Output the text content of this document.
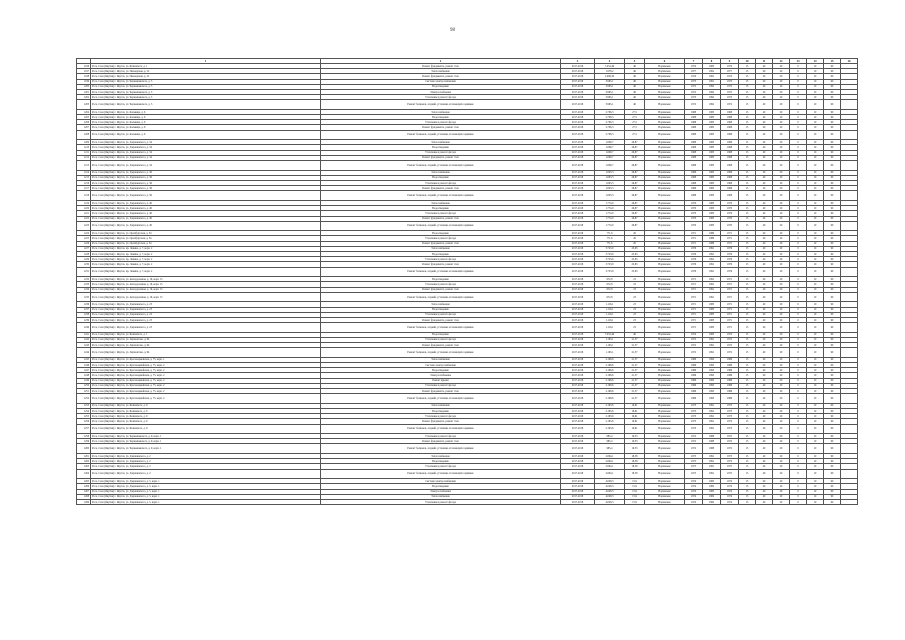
98
	1	2	3	4	5	6	7	8	9	10	11	12	13	14	15	16
1196	Роса, Саха (Якутия) г. Якутск, ул. Белинского, д. 1	Ремонт фундамента, ремонт стен	2017-2018	7.452,49	46	Нормально	1974	1983	1974	15	40	20	0	10	90	
1197	Роса, Саха (Якутия) г. Якутск, ул. Пионерская, д. 22	Теплоснабжение	2017-2018	1.978,2	46	Нормально	1977	1991	1977	15	40	20	0	10	90	
1198	Роса, Саха (Якутия) г. Якутск, ул. Пионерская, д. 22	Ремонт фундамента, ремонт стен	2017-2018	2.499,29	46	Нормально	1974	1991	1974	15	40	20	0	10	90	
1199	Роса, Саха (Якутия) г. Якутск, ул. Чернышевского, д. 5	Система электроснабжения	2017-2018	3.965,1	46	Нормально	1973	1991	1973	15	40	20	0	10	90	
1200	Роса, Саха (Якутия) г. Якутск, ул. Чернышевского, д. 5	Водоотведение	2017-2018	3.965,1	46	Нормально	1972	1992	1972	15	40	20	0	10	90	
1201	Роса, Саха (Якутия) г. Якутск, ул. Чернышевского, д. 5	Электроснабжение	2017-2018	3.965,1	46	Нормально	1972	1992	1972	15	40	20	0	10	90	
1202	Роса, Саха (Якутия) г. Якутск, ул. Чернышевского, д. 5	Утепление и ремонт фасада	2017-2018	3.965,1	46	Нормально	1973	1992	1973	15	40	20	0	10	90	
1203	Роса, Саха (Якутия) г. Якутск, ул. Чернышевского, д. 5	Ремонт балконов, лоджий, установка отсекающих задвижек	2017-2018	3.965,1	46	Нормально	1972	1992	1972	15	40	20	0	10	90	
1204	Роса, Саха (Якутия) г. Якутск, ул. Кальвица, д. 6	Теплоснабжение	2017-2018	2.706,3	27,5	Нормально	1968	1983	1968	15	40	20	0	10	90	
1205	Роса, Саха (Якутия) г. Якутск, ул. Кальвица, д. 6	Водоотведение	2017-2018	2.706,3	27,5	Нормально	1968	1983	1968	15	40	20	0	10	90	
1206	Роса, Саха (Якутия) г. Якутск, ул. Кальвица, д. 6	Утепление и ремонт фасада	2017-2018	2.706,3	27,5	Нормально	1968	1983	1968	15	40	20	0	10	90	
1207	Роса, Саха (Якутия) г. Якутск, ул. Кальвица, д. 6	Ремонт фундамента, ремонт стен	2017-2018	2.706,3	27,5	Нормально	1968	1983	1968	15	40	20	0	10	90	
1208	Роса, Саха (Якутия) г. Якутск, ул. Кальвица, д. 6	Ремонт балконов, лоджий, установка отсекающих задвижек	2017-2018	2.706,3	27,5	Нормально	1968	1983	1968	15	40	20	0	10	90	
1209	Роса, Саха (Якутия) г. Якутск, ул. Дзержинского, д. 34	Теплоснабжение	2017-2018	1.609,7	26,87	Нормально	1968	1983	1968	15	40	20	0	10	90	
1210	Роса, Саха (Якутия) г. Якутск, ул. Дзержинского, д. 34	Водоотведение	2017-2018	1.609,7	26,87	Нормально	1968	1983	1968	15	40	20	0	10	90	
1211	Роса, Саха (Якутия) г. Якутск, ул. Дзержинского, д. 34	Утепление и ремонт фасада	2017-2018	1.609,7	26,87	Нормально	1968	1983	1968	15	40	20	0	10	90	
1212	Роса, Саха (Якутия) г. Якутск, ул. Дзержинского, д. 34	Ремонт фундамента, ремонт стен	2017-2018	1.609,7	26,87	Нормально	1968	1983	1968	15	40	20	0	10	90	
1213	Роса, Саха (Якутия) г. Якутск, ул. Дзержинского, д. 34	Ремонт балконов, лоджий, установка отсекающих задвижек	2017-2018	1.609,7	26,87	Нормально	1968	1983	1968	15	40	20	0	10	90	
1214	Роса, Саха (Якутия) г. Якутск, ул. Дзержинского, д. 36	Теплоснабжение	2017-2018	1.603,3	26,87	Нормально	1968	1983	1968	15	40	20	0	10	90	
1215	Роса, Саха (Якутия) г. Якутск, ул. Дзержинского, д. 36	Водоотведение	2017-2018	1.603,3	26,87	Нормально	1968	1983	1968	15	40	20	0	10	90	
1216	Роса, Саха (Якутия) г. Якутск, ул. Дзержинского, д. 36	Утепление и ремонт фасада	2017-2018	1.603,3	26,87	Нормально	1968	1983	1968	15	40	20	0	10	90	
1217	Роса, Саха (Якутия) г. Якутск, ул. Дзержинского, д. 36	Ремонт фундамента, ремонт стен	2017-2018	1.603,3	26,87	Нормально	1968	1983	1968	15	40	20	0	10	90	
1218	Роса, Саха (Якутия) г. Якутск, ул. Дзержинского, д. 36	Ремонт балконов, лоджий, установка отсекающих задвижек	2017-2018	1.603,3	26,87	Нормально	1968	1983	1968	15	40	20	0	10	90	
1219	Роса, Саха (Якутия) г. Якутск, ул. Дзержинского, д. 40	Теплоснабжение	2017-2018	1.774,0	26,87	Нормально	1970	1983	1970	15	40	20	0	10	90	
1220	Роса, Саха (Якутия) г. Якутск, ул. Дзержинского, д. 40	Водоотведение	2017-2018	1.774,0	26,87	Нормально	1970	1983	1970	15	40	20	0	10	90	
1221	Роса, Саха (Якутия) г. Якутск, ул. Дзержинского, д. 40	Утепление и ремонт фасада	2017-2018	1.774,0	26,87	Нормально	1970	1983	1970	15	40	20	0	10	90	
1222	Роса, Саха (Якутия) г. Якутск, ул. Дзержинского, д. 40	Ремонт фундамента, ремонт стен	2017-2018	1.774,0	26,87	Нормально	1970	1983	1970	15	40	20	0	10	90	
1223	Роса, Саха (Якутия) г. Якутск, ул. Дзержинского, д. 40	Ремонт балконов, лоджий, установка отсекающих задвижек	2017-2018	1.774,0	26,87	Нормально	1970	1983	1970	15	40	20	0	10	90	
1224	Роса, Саха (Якутия) г. Якутск, ул. Оренбургская, д. 34	Водоотведение	2017-2018	771,6	26	Нормально	1971	1989	1971	15	40	20	0	10	90	
1225	Роса, Саха (Якутия) г. Якутск, ул. Оренбургская, д. 34	Утепление и ремонт фасада	2017-2018	771,6	26	Нормально	1971	1989	1971	15	40	20	0	10	90	
1226	Роса, Саха (Якутия) г. Якутск, ул. Оренбургская, д. 34	Ремонт фундамента, ремонт стен	2017-2018	771,6	26	Нормально	1971	1989	1971	15	40	20	0	10	90	
1227	Роса, Саха (Якутия) г. Якутск, пр. Ленина, д. 7, корп. 2	Теплоснабжение	2017-2018	3.723,9	25,63	Нормально	1976	1991	1976	15	40	20	0	10	90	
1228	Роса, Саха (Якутия) г. Якутск, пр. Ленина, д. 7, корп. 2	Водоотведение	2017-2018	3.723,9	25,63	Нормально	1976	1991	1976	15	40	20	0	10	90	
1229	Роса, Саха (Якутия) г. Якутск, пр. Ленина, д. 7, корп. 2	Утепление и ремонт фасада	2017-2018	3.723,9	25,63	Нормально	1976	1991	1976	15	40	20	0	10	90	
1230	Роса, Саха (Якутия) г. Якутск, пр. Ленина, д. 7, корп. 2	Ремонт фундамента, ремонт стен	2017-2018	3.723,9	25,63	Нормально	1976	1991	1976	15	40	20	0	10	90	
1231	Роса, Саха (Якутия) г. Якутск, пр. Ленина, д. 7, корп. 2	Ремонт балконов, лоджий, установка отсекающих задвижек	2017-2018	3.723,9	25,63	Нормально	1976	1991	1976	15	40	20	0	10	90	
1232	Роса, Саха (Якутия) г. Якутск, ул. Автодорожная, д. 19, корп. 15	Водоотведение	2017-2018	672,8	23	Нормально	1971	1991	1971	15	40	20	0	10	90	
1233	Роса, Саха (Якутия) г. Якутск, ул. Автодорожная, д. 19, корп. 15	Утепление и ремонт фасада	2017-2018	672,8	23	Нормально	1971	1991	1971	15	40	20	0	10	90	
1234	Роса, Саха (Якутия) г. Якутск, ул. Автодорожная, д. 19, корп. 15	Ремонт фундамента, ремонт стен	2017-2018	672,8	23	Нормально	1971	1991	1971	15	40	20	0	10	90	
1235	Роса, Саха (Якутия) г. Якутск, ул. Автодорожная, д. 19, корп. 15	Ремонт балконов, лоджий, установка отсекающих задвижек	2017-2018	672,8	23	Нормально	1971	1991	1971	15	40	20	0	10	90	
1236	Роса, Саха (Якутия) г. Якутск, ул. Дзержинского, д. 23	Теплоснабжение	2017-2018	1.116,1	23	Нормально	1971	1983	1971	15	40	20	0	10	90	
1237	Роса, Саха (Якутия) г. Якутск, ул. Дзержинского, д. 23	Водоотведение	2017-2018	1.116,1	23	Нормально	1971	1983	1971	15	40	20	0	10	90	
1238	Роса, Саха (Якутия) г. Якутск, ул. Дзержинского, д. 23	Утепление и ремонт фасада	2017-2018	1.116,1	23	Нормально	1971	1983	1971	15	40	20	0	10	90	
1239	Роса, Саха (Якутия) г. Якутск, ул. Дзержинского, д. 23	Ремонт фундамента, ремонт стен	2017-2018	1.116,1	23	Нормально	1971	1983	1971	15	40	20	0	10	90	
1240	Роса, Саха (Якутия) г. Якутск, ул. Дзержинского, д. 23	Ремонт балконов, лоджий, установка отсекающих задвижек	2017-2018	1.116,1	23	Нормально	1971	1983	1971	15	40	20	0	10	90	
1241	Роса, Саха (Якутия) г. Якутск, ул. Белинского, д. 1	Водоотведение	2017-2018	7.452,49	46	Нормально	1974	1983	1974	15	40	20	0	10	90	
1242	Роса, Саха (Якутия) г. Якутск, ул. Лермонтова, д. 94	Утепление и ремонт фасада	2017-2018	1.163,1	21,37	Нормально	1972	1991	1972	15	40	20	0	10	90	
1243	Роса, Саха (Якутия) г. Якутск, ул. Лермонтова, д. 94	Ремонт фундамента, ремонт стен	2017-2018	1.163,1	21,37	Нормально	1972	1991	1972	15	40	20	0	10	90	
1244	Роса, Саха (Якутия) г. Якутск, ул. Лермонтова, д. 94	Ремонт балконов, лоджий, установка отсекающих задвижек	2017-2018	1.163,1	21,37	Нормально	1972	1991	1972	15	40	20	0	10	90	
1245	Роса, Саха (Якутия) г. Якутск, ул. Красноармейская, д. 75, корп. 1	Теплоснабжение	2017-2018	2.198,6	21,37	Нормально	1986	1993	1986	15	40	20	0	10	90	
1246	Роса, Саха (Якутия) г. Якутск, ул. Красноармейская, д. 75, корп. 2	Система электроснабжения	2017-2018	2.198,6	21,37	Нормально	1986	1993	1986	15	40	20	0	10	90	
1247	Роса, Саха (Якутия) г. Якутск, ул. Красноармейская, д. 75, корп. 2	Водоотведение	2017-2018	2.198,6	21,37	Нормально	1986	1993	1986	15	40	20	0	10	90	
1248	Роса, Саха (Якутия) г. Якутск, ул. Красноармейская, д. 75, корп. 2	Электроснабжение	2017-2018	2.198,6	21,37	Нормально	1986	1993	1986	15	40	20	0	10	90	
1249	Роса, Саха (Якутия) г. Якутск, ул. Красноармейская, д. 75, корп. 2	Ремонт крыши	2017-2018	2.198,6	21,37	Нормально	1986	1993	1986	15	40	20	0	10	90	
1250	Роса, Саха (Якутия) г. Якутск, ул. Красноармейская, д. 75, корп. 2	Утепление и ремонт фасада	2017-2018	2.198,6	21,37	Нормально	1986	1993	1986	15	40	20	0	10	90	
1251	Роса, Саха (Якутия) г. Якутск, ул. Красноармейская, д. 75, корп. 2	Ремонт фундамента, ремонт стен	2017-2018	2.198,6	21,37	Нормально	1986	1993	1986	15	40	20	0	10	90	
1252	Роса, Саха (Якутия) г. Якутск, ул. Красноармейская, д. 75, корп. 2	Ремонт балконов, лоджий, установка отсекающих задвижек	2017-2018	2.198,6	21,37	Нормально	1986	1993	1986	15	40	20	0	10	90	
1253	Роса, Саха (Якутия) г. Якутск, ул. Белинского, д. 9	Теплоснабжение	2017-2018	2.163,6	19,61	Нормально	1973	1991	1973	15	40	20	0	10	90	
1254	Роса, Саха (Якутия) г. Якутск, ул. Белинского, д. 9	Водоотведение	2017-2018	2.163,6	19,61	Нормально	1973	1991	1973	15	40	20	0	10	90	
1255	Роса, Саха (Якутия) г. Якутск, ул. Белинского, д. 9	Утепление и ремонт фасада	2017-2018	2.163,6	19,61	Нормально	1973	1991	1973	15	40	20	0	10	90	
1256	Роса, Саха (Якутия) г. Якутск, ул. Белинского, д. 9	Ремонт фундамента, ремонт стен	2017-2018	2.163,6	19,61	Нормально	1973	1991	1973	15	40	20	0	10	90	
1257	Роса, Саха (Якутия) г. Якутск, ул. Белинского, д. 9	Ремонт балконов, лоджий, установка отсекающих задвижек	2017-2018	2.163,6	19,61	Нормально	1973	1991	1973	15	40	20	0	10	90	
1258	Роса, Саха (Якутия) г. Якутск, ул. Чернышевского, д. 9, корп. 1	Утепление и ремонт фасада	2017-2018	985,4	19,33	Нормально	1972	1988	1972	15	40	20	0	10	90	
1259	Роса, Саха (Якутия) г. Якутск, ул. Чернышевского, д. 9, корп. 1	Ремонт фундамента, ремонт стен	2017-2018	985,4	19,33	Нормально	1972	1988	1972	15	40	20	0	10	90	
1260	Роса, Саха (Якутия) г. Якутск, ул. Чернышевского, д. 9, корп. 1	Ремонт балконов, лоджий, установка отсекающих задвижек	2017-2018	985,4	19,33	Нормально	1972	1988	1972	15	40	20	0	10	90	
1261	Роса, Саха (Якутия) г. Якутск, ул. Дзержинского, д. 2	Теплоснабжение	2017-2018	2.694,1	18,58	Нормально	1975	1991	1975	15	40	20	0	10	90	
1262	Роса, Саха (Якутия) г. Якутск, ул. Дзержинского, д. 2	Водоотведение	2017-2018	2.694,1	18,58	Нормально	1975	1991	1975	15	40	20	0	10	90	
1263	Роса, Саха (Якутия) г. Якутск, ул. Дзержинского, д. 2	Утепление и ремонт фасада	2017-2018	2.694,1	18,58	Нормально	1975	1991	1975	15	40	20	0	10	90	
1264	Роса, Саха (Якутия) г. Якутск, ул. Дзержинского, д. 2	Ремонт балконов, лоджий, установка отсекающих задвижек	2017-2018	2.694,1	18,58	Нормально	1975	1991	1975	15	40	20	0	10	90	
1265	Роса, Саха (Якутия) г. Якутск, ул. Дзержинского, д. 5, корп. 1	Система электроснабжения	2017-2018	4.048,3	15,9	Нормально	1974	1982	1974	15	40	20	0	10	90	
1266	Роса, Саха (Якутия) г. Якутск, ул. Дзержинского, д. 5, корп. 1	Водоотведение	2017-2018	4.048,3	15,9	Нормально	1974	1982	1974	15	40	20	0	10	90	
1267	Роса, Саха (Якутия) г. Якутск, ул. Дзержинского, д. 5, корп. 1	Электроснабжение	2017-2018	4.048,3	15,9	Нормально	1974	1982	1974	15	40	20	0	10	90	
1268	Роса, Саха (Якутия) г. Якутск, ул. Дзержинского, д. 5, корп. 1	Теплоснабжение	2017-2018	4.048,3	15,9	Нормально	1974	1982	1974	15	40	20	0	10	90	
1269	Роса, Саха (Якутия) г. Якутск, ул. Дзержинского, д. 5, корп. 1	Утепление и ремонт фасада	2017-2018	4.048,3	15,9	Нормально	1974	1982	1974	15	40	20	0	10	90	
